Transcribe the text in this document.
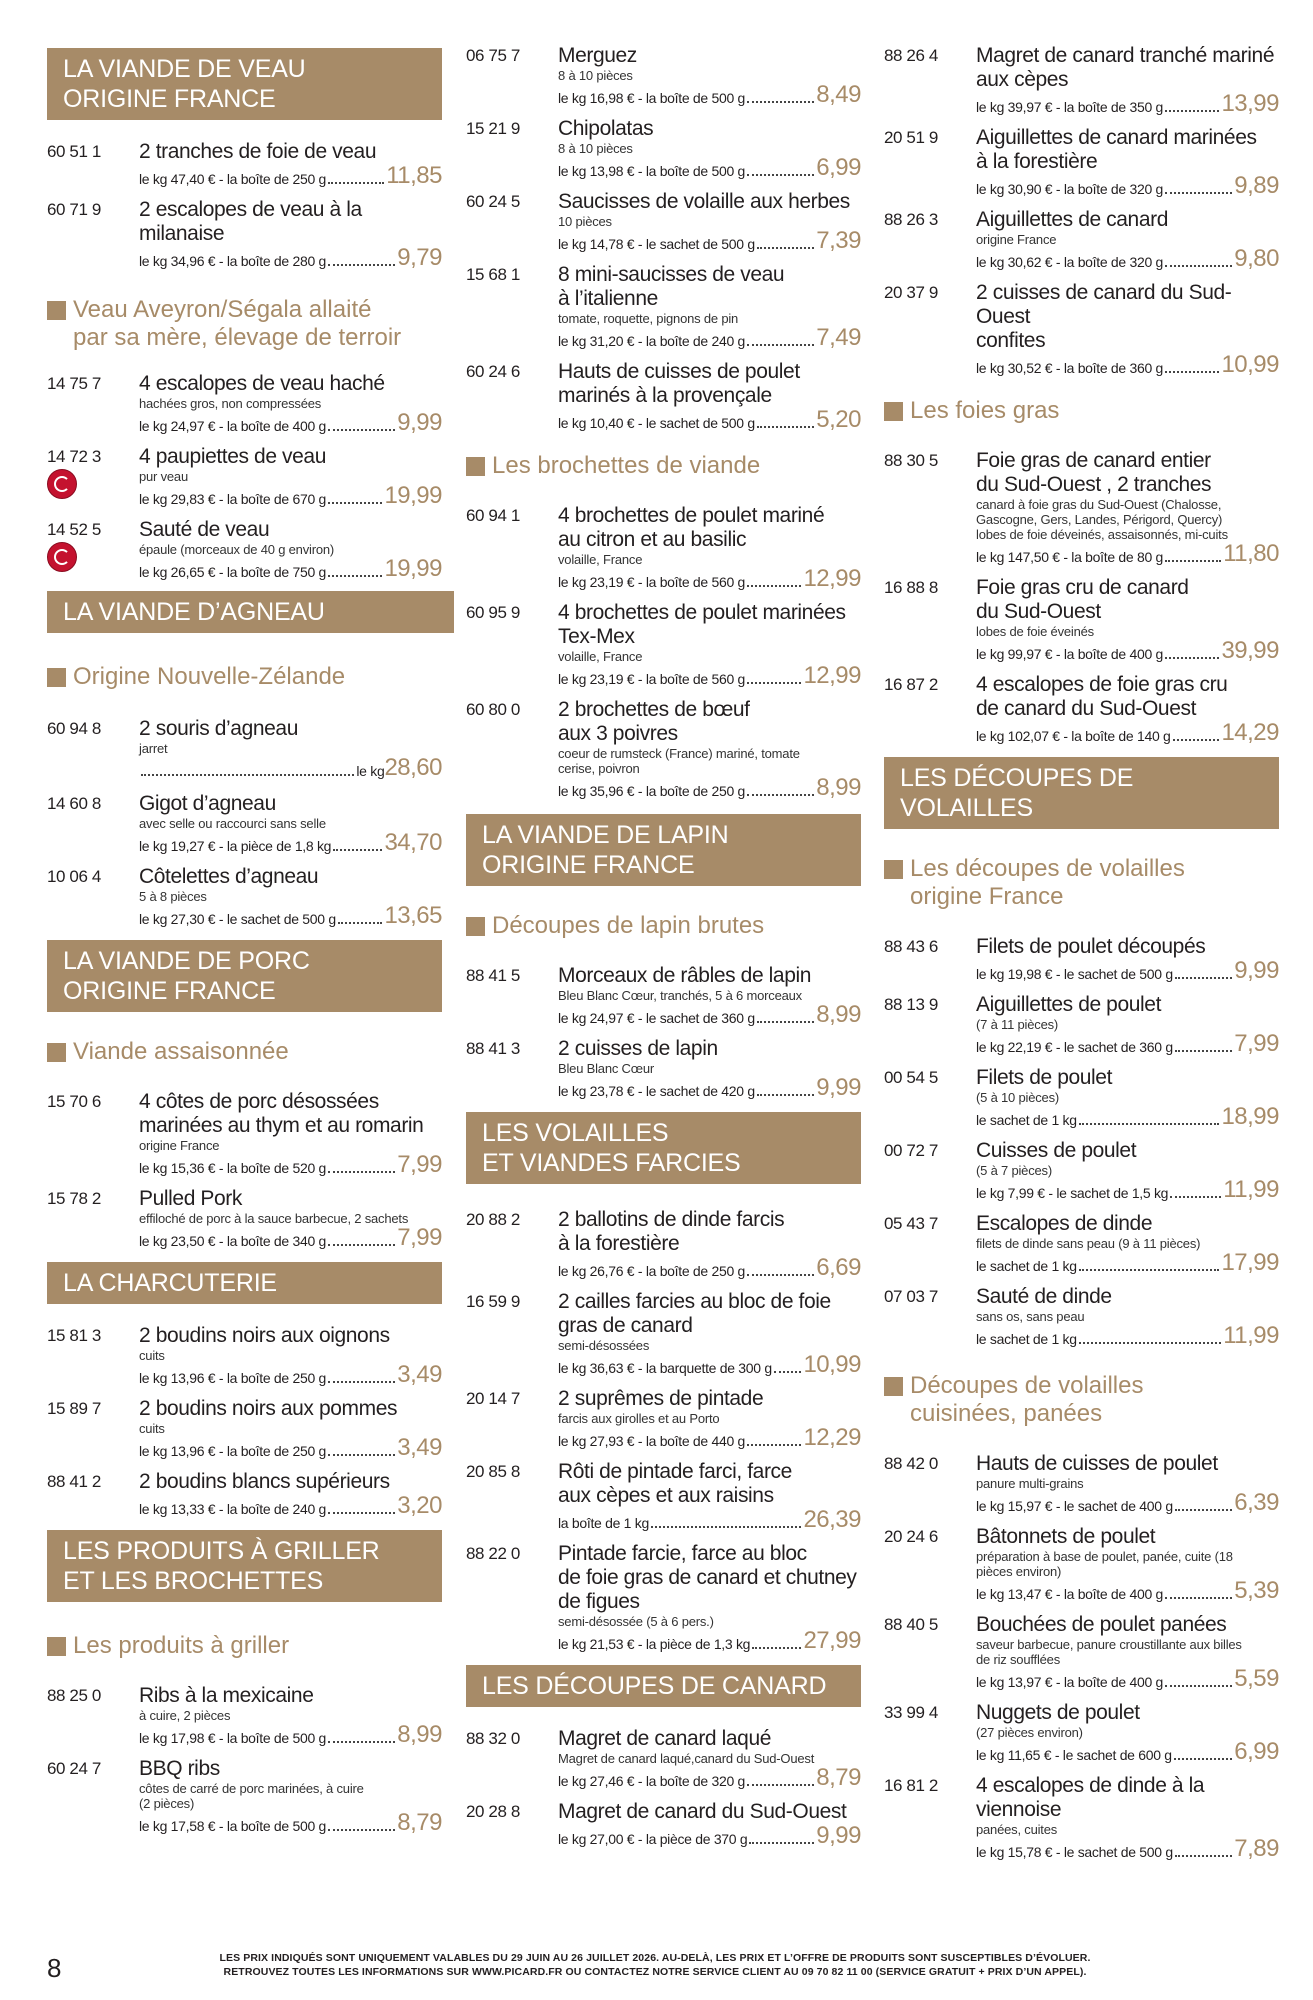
LA VIANDE DE VEAU
ORIGINE FRANCE
60 51 1 2 tranches de foie de veau
le kg 47,40 € - la boîte de 250 g	11,85
60 71 9 2 escalopes de veau à la milanaise
le kg 34,96 € - la boîte de 280 g	9,79
Veau Aveyron/Ségala allaité
par sa mère, élevage de terroir
14 75 7 4 escalopes de veau haché
hachées gros, non compressées
le kg 24,97 € - la boîte de 400 g	9,99
14 72 3 4 paupiettes de veau
pur veau
le kg 29,83 € - la boîte de 670 g 19,99
14 52 5 Sauté de veau
épaule (morceaux de 40 g environ)
le kg 26,65 € - la boîte de 750 g 19,99
LA VIANDE D’AGNEAU
Origine Nouvelle-Zélande
60 94 8 2 souris d’agneau
jarret
le kg 28,60
14 60 8 Gigot d’agneau
avec selle ou raccourci sans selle
le kg 19,27 € - la pièce de 1,8 kg 34,70
10 06 4 Côtelettes d’agneau
5 à 8 pièces
le kg 27,30 € - le sachet de 500 g 13,65
LA VIANDE DE PORC
ORIGINE FRANCE
Viande assaisonnée
15 70 6 4 côtes de porc désossées
marinées au thym et au romarin
origine France
le kg 15,36 € - la boîte de 520 g	7,99
15 78 2 Pulled Pork
effiloché de porc à la sauce barbecue, 2 sachets
le kg 23,50 € - la boîte de 340 g	7,99
LA CHARCUTERIE
15 81 3 2 boudins noirs aux oignons
cuits
le kg 13,96 € - la boîte de 250 g	3,49
15 89 7 2 boudins noirs aux pommes
cuits
le kg 13,96 € - la boîte de 250 g	3,49
88 41 2 2 boudins blancs supérieurs
le kg 13,33 € - la boîte de 240 g	3,20
LES PRODUITS À GRILLER
ET LES BROCHETTES
Les produits à griller
88 25 0 Ribs à la mexicaine
à cuire, 2 pièces
le kg 17,98 € - la boîte de 500 g	8,99
60 24 7 BBQ ribs
côtes de carré de porc marinées, à cuire
(2 pièces)
le kg 17,58 € - la boîte de 500 g	8,79
06 75 7 Merguez
8 à 10 pièces
le kg 16,98 € - la boîte de 500 g	8,49
15 21 9 Chipolatas
8 à 10 pièces
le kg 13,98 € - la boîte de 500 g	6,99
60 24 5 Saucisses de volaille aux herbes
10 pièces
le kg 14,78 € - le sachet de 500 g	7,39
15 68 1 8 mini-saucisses de veau
à l’italienne
tomate, roquette, pignons de pin
le kg 31,20 € - la boîte de 240 g	7,49
60 24 6 Hauts de cuisses de poulet
marinés à la provençale
le kg 10,40 € - le sachet de 500 g	5,20
Les brochettes de viande
60 94 1 4 brochettes de poulet mariné
au citron et au basilic
volaille, France
le kg 23,19 € - la boîte de 560 g 12,99
60 95 9 4 brochettes de poulet marinées
Tex-Mex
volaille, France
le kg 23,19 € - la boîte de 560 g 12,99
60 80 0 2 brochettes de bœuf
aux 3 poivres
coeur de rumsteck (France) mariné, tomate
cerise, poivron
le kg 35,96 € - la boîte de 250 g	8,99
LA VIANDE DE LAPIN
ORIGINE FRANCE
Découpes de lapin brutes
88 41 5 Morceaux de râbles de lapin
Bleu Blanc Cœur, tranchés, 5 à 6 morceaux
le kg 24,97 € - le sachet de 360 g	8,99
88 41 3 2 cuisses de lapin
Bleu Blanc Cœur
le kg 23,78 € - le sachet de 420 g	9,99
LES VOLAILLES
ET VIANDES FARCIES
20 88 2 2 ballotins de dinde farcis
à la forestière
le kg 26,76 € - la boîte de 250 g	6,69
16 59 9 2 cailles farcies au bloc de foie
gras de canard
semi-désossées
le kg 36,63 € - la barquette de 300 g 10,99
20 14 7 2 suprêmes de pintade
farcis aux girolles et au Porto
le kg 27,93 € - la boîte de 440 g 12,29
20 85 8 Rôti de pintade farci, farce
aux cèpes et aux raisins
la boîte de 1 kg	26,39
88 22 0 Pintade farcie, farce au bloc
de foie gras de canard et chutney
de figues
semi-désossée (5 à 6 pers.)
le kg 21,53 € - la pièce de 1,3 kg 27,99
LES DÉCOUPES DE CANARD
88 32 0 Magret de canard laqué
Magret de canard laqué,canard du Sud-Ouest
le kg 27,46 € - la boîte de 320 g	8,79
20 28 8 Magret de canard du Sud-Ouest
le kg 27,00 € - la pièce de 370 g	9,99
88 26 4 Magret de canard tranché mariné
aux cèpes
le kg 39,97 € - la boîte de 350 g 13,99
20 51 9 Aiguillettes de canard marinées
à la forestière
le kg 30,90 € - la boîte de 320 g	9,89
88 26 3 Aiguillettes de canard
origine France
le kg 30,62 € - la boîte de 320 g	9,80
20 37 9 2 cuisses de canard du Sud-Ouest
confites
le kg 30,52 € - la boîte de 360 g 10,99
Les foies gras
88 30 5 Foie gras de canard entier
du Sud-Ouest , 2 tranches
canard à foie gras du Sud-Ouest (Chalosse,
Gascogne, Gers, Landes, Périgord, Quercy)
lobes de foie déveinés, assaisonnés, mi-cuits
le kg 147,50 € - la boîte de 80 g	11,80
16 88 8 Foie gras cru de canard
du Sud-Ouest
lobes de foie éveinés
le kg 99,97 € - la boîte de 400 g 39,99
16 87 2 4 escalopes de foie gras cru
de canard du Sud-Ouest
le kg 102,07 € - la boîte de 140 g 14,29
LES DÉCOUPES DE VOLAILLES
Les découpes de volailles
origine France
88 43 6 Filets de poulet découpés
le kg 19,98 € - le sachet de 500 g	9,99
88 13 9 Aiguillettes de poulet
(7 à 11 pièces)
le kg 22,19 € - le sachet de 360 g	7,99
00 54 5 Filets de poulet
(5 à 10 pièces)
le sachet de 1 kg	18,99
00 72 7 Cuisses de poulet
(5 à 7 pièces)
le kg 7,99 € - le sachet de 1,5 kg 11,99
05 43 7 Escalopes de dinde
filets de dinde sans peau (9 à 11 pièces)
le sachet de 1 kg	17,99
07 03 7 Sauté de dinde
sans os, sans peau
le sachet de 1 kg	11,99
Découpes de volailles
cuisinées, panées
88 42 0 Hauts de cuisses de poulet
panure multi-grains
le kg 15,97 € - le sachet de 400 g	6,39
20 24 6 Bâtonnets de poulet
préparation à base de poulet, panée, cuite (18
pièces environ)
le kg 13,47 € - la boîte de 400 g	5,39
88 40 5 Bouchées de poulet panées
saveur barbecue, panure croustillante aux billes
de riz soufflées
le kg 13,97 € - la boîte de 400 g	5,59
33 99 4 Nuggets de poulet
(27 pièces environ)
le kg 11,65 € - le sachet de 600 g	6,99
16 81 2 4 escalopes de dinde à la viennoise
panées, cuites
le kg 15,78 € - le sachet de 500 g	7,89
8	LES PRIX INDIQUÉS SONT UNIQUEMENT VALABLES DU 29 JUIN AU 26 JUILLET 2026. AU-DELÀ, LES PRIX ET L’OFFRE DE PRODUITS SONT SUSCEPTIBLES D’ÉVOLUER.
RETROUVEZ TOUTES LES INFORMATIONS SUR WWW.PICARD.FR OU CONTACTEZ NOTRE SERVICE CLIENT AU 09 70 82 11 00 (SERVICE GRATUIT + PRIX D’UN APPEL).
